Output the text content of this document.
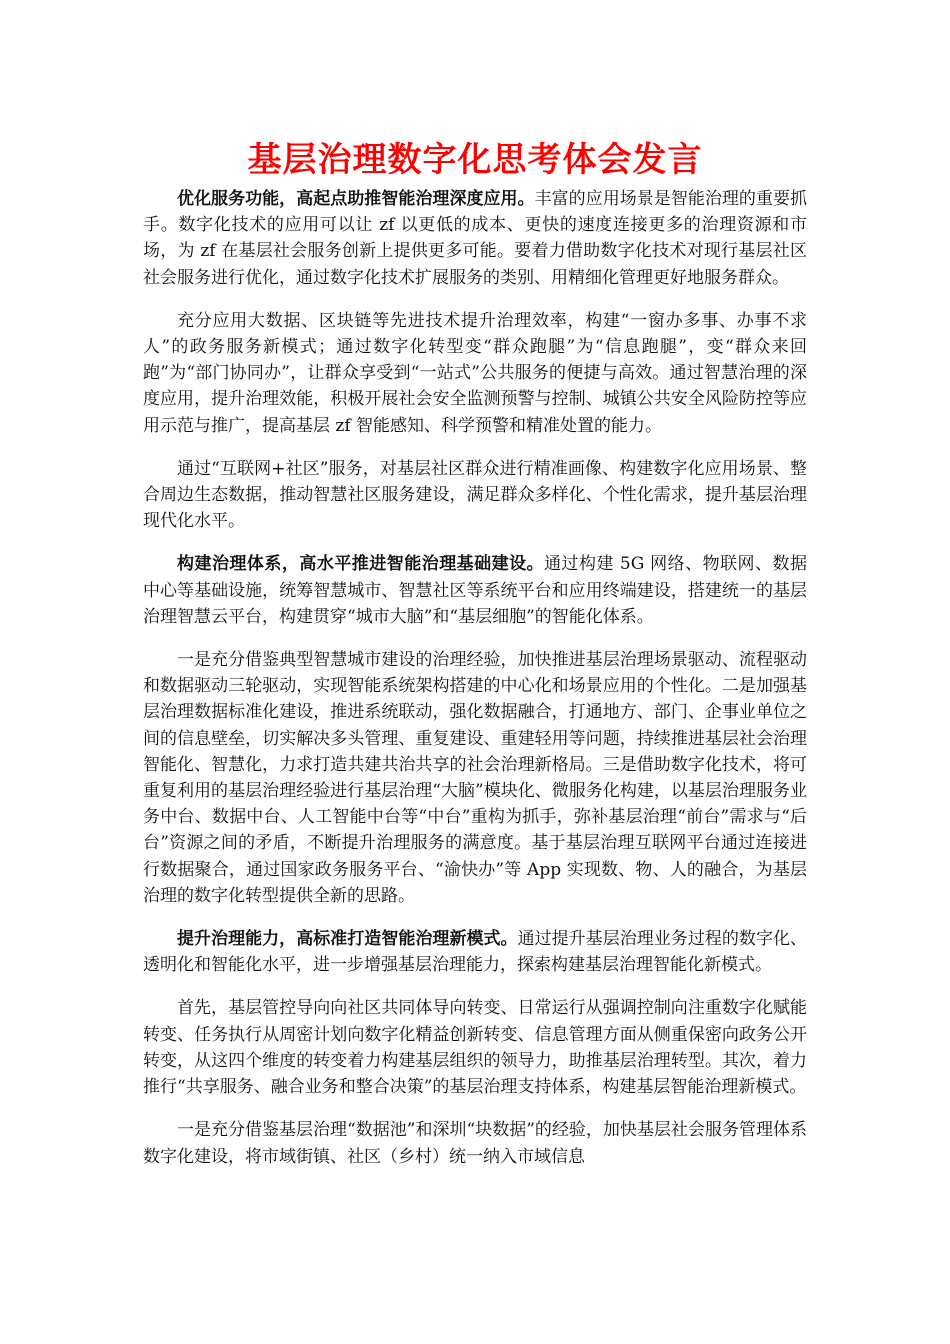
基层治理数字化思考体会发言

优化服务功能，高起点助推智能治理深度应用。丰富的应用场景是智能治理的重要抓手。数字化技术的应用可以让 zf 以更低的成本、更快的速度连接更多的治理资源和市场，为 zf 在基层社会服务创新上提供更多可能。要着力借助数字化技术对现行基层社区社会服务进行优化，通过数字化技术扩展服务的类别、用精细化管理更好地服务群众。

充分应用大数据、区块链等先进技术提升治理效率，构建“一窗办多事、办事不求人”的政务服务新模式；通过数字化转型变“群众跑腿”为“信息跑腿”，变“群众来回跑”为“部门协同办”，让群众享受到“一站式”公共服务的便捷与高效。通过智慧治理的深度应用，提升治理效能，积极开展社会安全监测预警与控制、城镇公共安全风险防控等应用示范与推广，提高基层 zf 智能感知、科学预警和精准处置的能力。

通过“互联网+社区”服务，对基层社区群众进行精准画像、构建数字化应用场景、整合周边生态数据，推动智慧社区服务建设，满足群众多样化、个性化需求，提升基层治理现代化水平。

构建治理体系，高水平推进智能治理基础建设。通过构建 5G 网络、物联网、数据中心等基础设施，统筹智慧城市、智慧社区等系统平台和应用终端建设，搭建统一的基层治理智慧云平台，构建贯穿“城市大脑”和“基层细胞”的智能化体系。

一是充分借鉴典型智慧城市建设的治理经验，加快推进基层治理场景驱动、流程驱动和数据驱动三轮驱动，实现智能系统架构搭建的中心化和场景应用的个性化。二是加强基层治理数据标准化建设，推进系统联动，强化数据融合，打通地方、部门、企事业单位之间的信息壁垒，切实解决多头管理、重复建设、重建轻用等问题，持续推进基层社会治理智能化、智慧化，力求打造共建共治共享的社会治理新格局。三是借助数字化技术，将可重复利用的基层治理经验进行基层治理“大脑”模块化、微服务化构建，以基层治理服务业务中台、数据中台、人工智能中台等“中台”重构为抓手，弥补基层治理“前台”需求与“后台”资源之间的矛盾，不断提升治理服务的满意度。基于基层治理互联网平台通过连接进行数据聚合，通过国家政务服务平台、“渝快办”等 App 实现数、物、人的融合，为基层治理的数字化转型提供全新的思路。

提升治理能力，高标准打造智能治理新模式。通过提升基层治理业务过程的数字化、透明化和智能化水平，进一步增强基层治理能力，探索构建基层治理智能化新模式。

首先，基层管控导向向社区共同体导向转变、日常运行从强调控制向注重数字化赋能转变、任务执行从周密计划向数字化精益创新转变、信息管理方面从侧重保密向政务公开转变，从这四个维度的转变着力构建基层组织的领导力，助推基层治理转型。其次，着力推行“共享服务、融合业务和整合决策”的基层治理支持体系，构建基层智能治理新模式。

一是充分借鉴基层治理“数据池”和深圳“块数据”的经验，加快基层社会服务管理体系数字化建设，将市域街镇、社区（乡村）统一纳入市域信息
